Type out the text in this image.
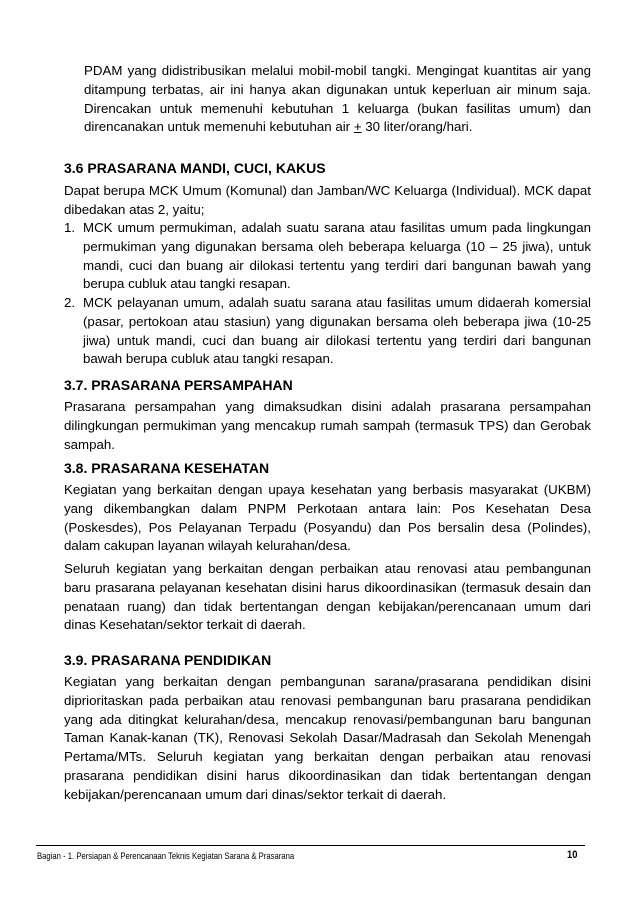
PDAM yang didistribusikan melalui mobil-mobil tangki. Mengingat kuantitas air yang ditampung terbatas, air ini hanya akan digunakan untuk keperluan air minum saja. Direncakan untuk memenuhi kebutuhan 1 keluarga (bukan fasilitas umum) dan direncanakan untuk memenuhi kebutuhan air + 30 liter/orang/hari.

3.6 PRASARANA MANDI, CUCI, KAKUS

Dapat berupa MCK Umum (Komunal) dan Jamban/WC Keluarga (Individual). MCK dapat dibedakan atas 2, yaitu;

1. MCK umum permukiman, adalah suatu sarana atau fasilitas umum pada lingkungan permukiman yang digunakan bersama oleh beberapa keluarga (10 – 25 jiwa), untuk mandi, cuci dan buang air dilokasi tertentu yang terdiri dari bangunan bawah yang berupa cubluk atau tangki resapan.
2. MCK pelayanan umum, adalah suatu sarana atau fasilitas umum didaerah komersial (pasar, pertokoan atau stasiun) yang digunakan bersama oleh beberapa jiwa (10-25 jiwa) untuk mandi, cuci dan buang air dilokasi tertentu yang terdiri dari bangunan bawah berupa cubluk atau tangki resapan.
3.7. PRASARANA PERSAMPAHAN

Prasarana persampahan yang dimaksudkan disini adalah prasarana persampahan dilingkungan permukiman yang mencakup rumah sampah (termasuk TPS) dan Gerobak sampah.

3.8. PRASARANA KESEHATAN

Kegiatan yang berkaitan dengan upaya kesehatan yang berbasis masyarakat (UKBM) yang dikembangkan dalam PNPM Perkotaan antara lain: Pos Kesehatan Desa (Poskesdes), Pos Pelayanan Terpadu (Posyandu) dan Pos bersalin desa (Polindes), dalam cakupan layanan wilayah kelurahan/desa.

Seluruh kegiatan yang berkaitan dengan perbaikan atau renovasi atau pembangunan baru prasarana pelayanan kesehatan disini harus dikoordinasikan (termasuk desain dan penataan ruang) dan tidak bertentangan dengan kebijakan/perencanaan umum dari dinas Kesehatan/sektor terkait di daerah.

3.9. PRASARANA PENDIDIKAN

Kegiatan yang berkaitan dengan pembangunan sarana/prasarana pendidikan disini diprioritaskan pada perbaikan atau renovasi pembangunan baru prasarana pendidikan yang ada ditingkat kelurahan/desa, mencakup renovasi/pembangunan baru bangunan Taman Kanak-kanan (TK), Renovasi Sekolah Dasar/Madrasah dan Sekolah Menengah Pertama/MTs. Seluruh kegiatan yang berkaitan dengan perbaikan atau renovasi prasarana pendidikan disini harus dikoordinasikan dan tidak bertentangan dengan kebijakan/perencanaan umum dari dinas/sektor terkait di daerah.

Bagian - 1. Persiapan & Perencanaan Teknis Kegiatan Sarana & Prasarana	10
